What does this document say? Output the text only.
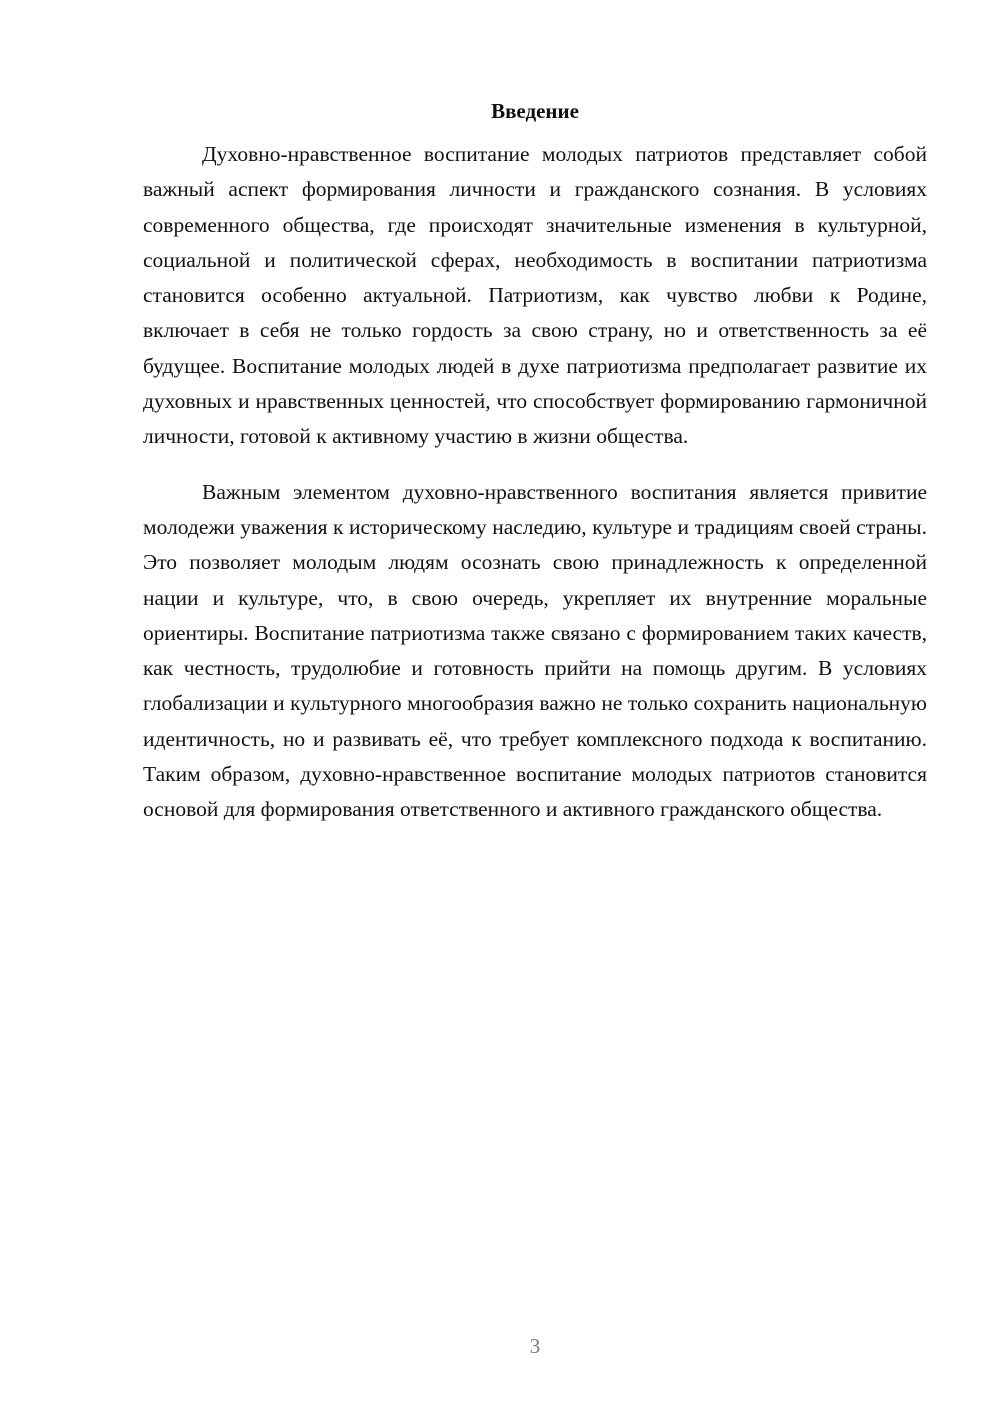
Введение

Духовно-нравственное воспитание молодых патриотов представляет собой важный аспект формирования личности и гражданского сознания. В условиях современного общества, где происходят значительные изменения в культурной, социальной и политической сферах, необходимость в воспитании патриотизма становится особенно актуальной. Патриотизм, как чувство любви к Родине, включает в себя не только гордость за свою страну, но и ответственность за её будущее. Воспитание молодых людей в духе патриотизма предполагает развитие их духовных и нравственных ценностей, что способствует формированию гармоничной личности, готовой к активному участию в жизни общества.

Важным элементом духовно-нравственного воспитания является привитие молодежи уважения к историческому наследию, культуре и традициям своей страны. Это позволяет молодым людям осознать свою принадлежность к определенной нации и культуре, что, в свою очередь, укрепляет их внутренние моральные ориентиры. Воспитание патриотизма также связано с формированием таких качеств, как честность, трудолюбие и готовность прийти на помощь другим. В условиях глобализации и культурного многообразия важно не только сохранить национальную идентичность, но и развивать её, что требует комплексного подхода к воспитанию. Таким образом, духовно-нравственное воспитание молодых патриотов становится основой для формирования ответственного и активного гражданского общества.

3
